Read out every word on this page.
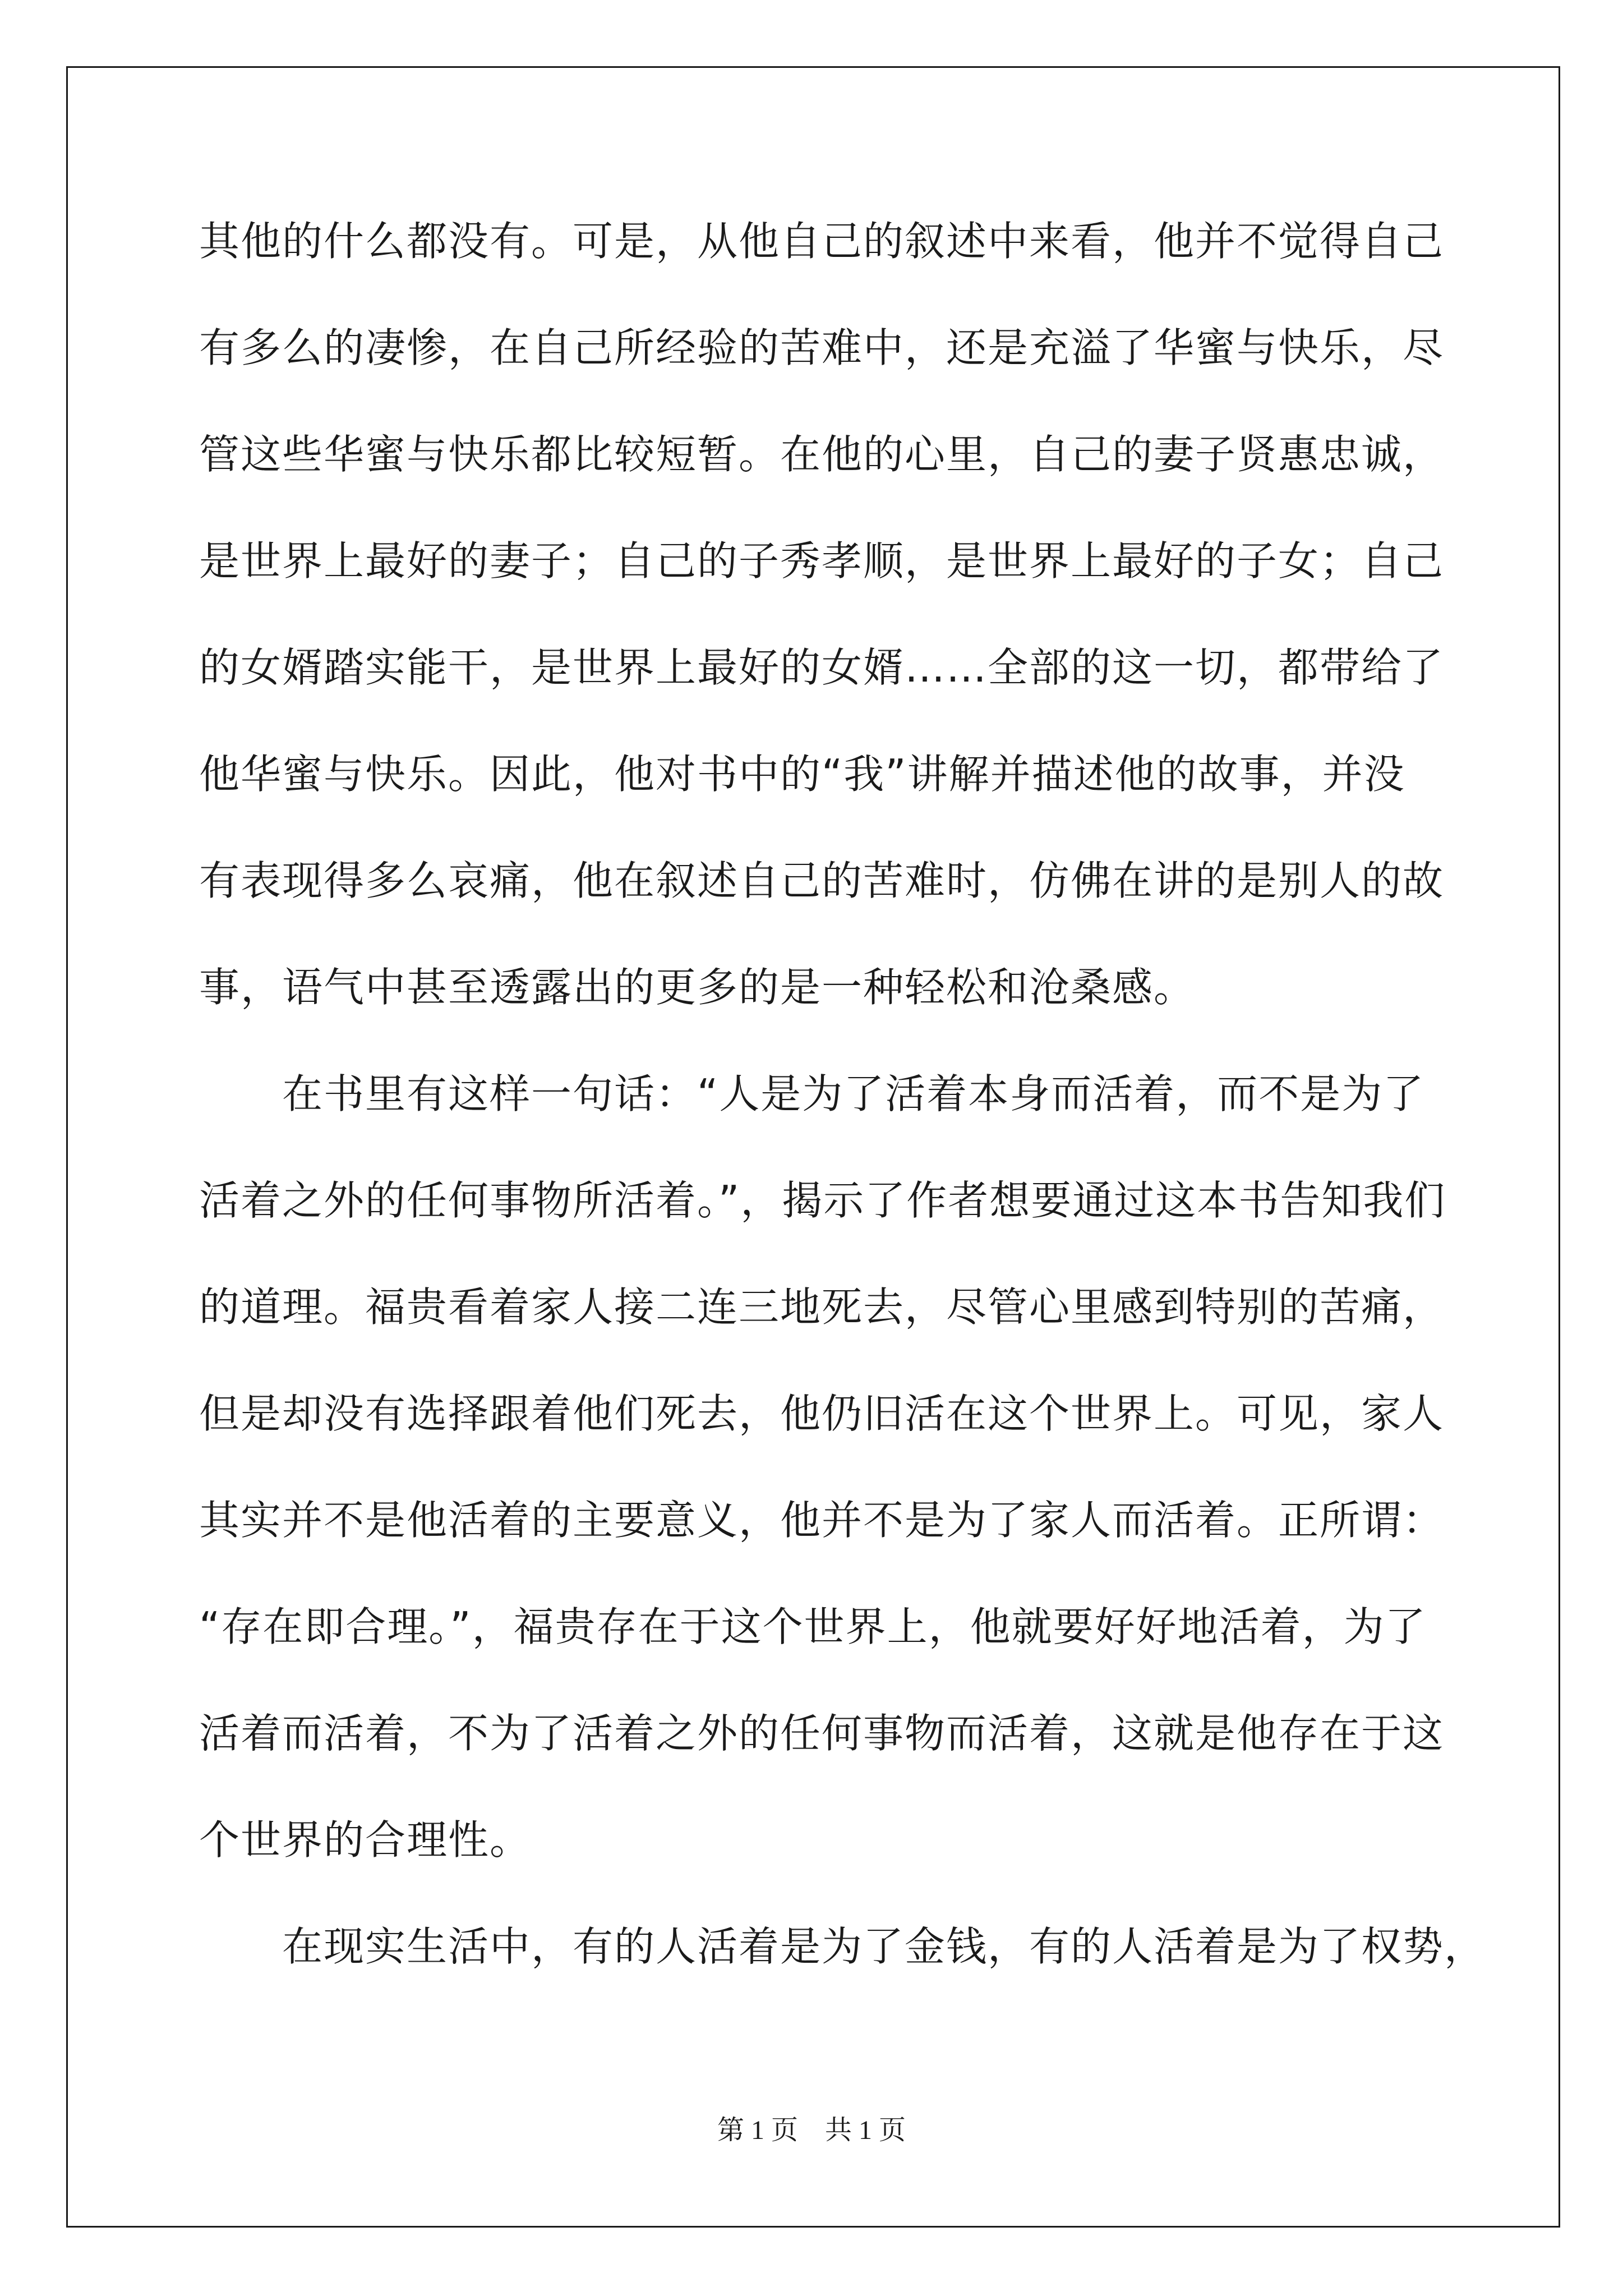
其他的什么都没有。可是，从他自己的叙述中来看，他并不觉得自己
有多么的凄惨，在自己所经验的苦难中，还是充溢了华蜜与快乐，尽
管这些华蜜与快乐都比较短暂。在他的心里，自己的妻子贤惠忠诚，
是世界上最好的妻子；自己的子秀孝顺，是世界上最好的子女；自己
的女婿踏实能干，是世界上最好的女婿……全部的这一切，都带给了
他华蜜与快乐。因此，他对书中的“我”讲解并描述他的故事，并没
有表现得多么哀痛，他在叙述自己的苦难时，仿佛在讲的是别人的故
事，语气中甚至透露出的更多的是一种轻松和沧桑感。
　　在书里有这样一句话：“人是为了活着本身而活着，而不是为了
活着之外的任何事物所活着。”，揭示了作者想要通过这本书告知我们
的道理。福贵看着家人接二连三地死去，尽管心里感到特别的苦痛，
但是却没有选择跟着他们死去，他仍旧活在这个世界上。可见，家人
其实并不是他活着的主要意义，他并不是为了家人而活着。正所谓：
“存在即合理。”，福贵存在于这个世界上，他就要好好地活着，为了
活着而活着，不为了活着之外的任何事物而活着，这就是他存在于这
个世界的合理性。
　　在现实生活中，有的人活着是为了金钱，有的人活着是为了权势，
第 1 页　共 1 页
